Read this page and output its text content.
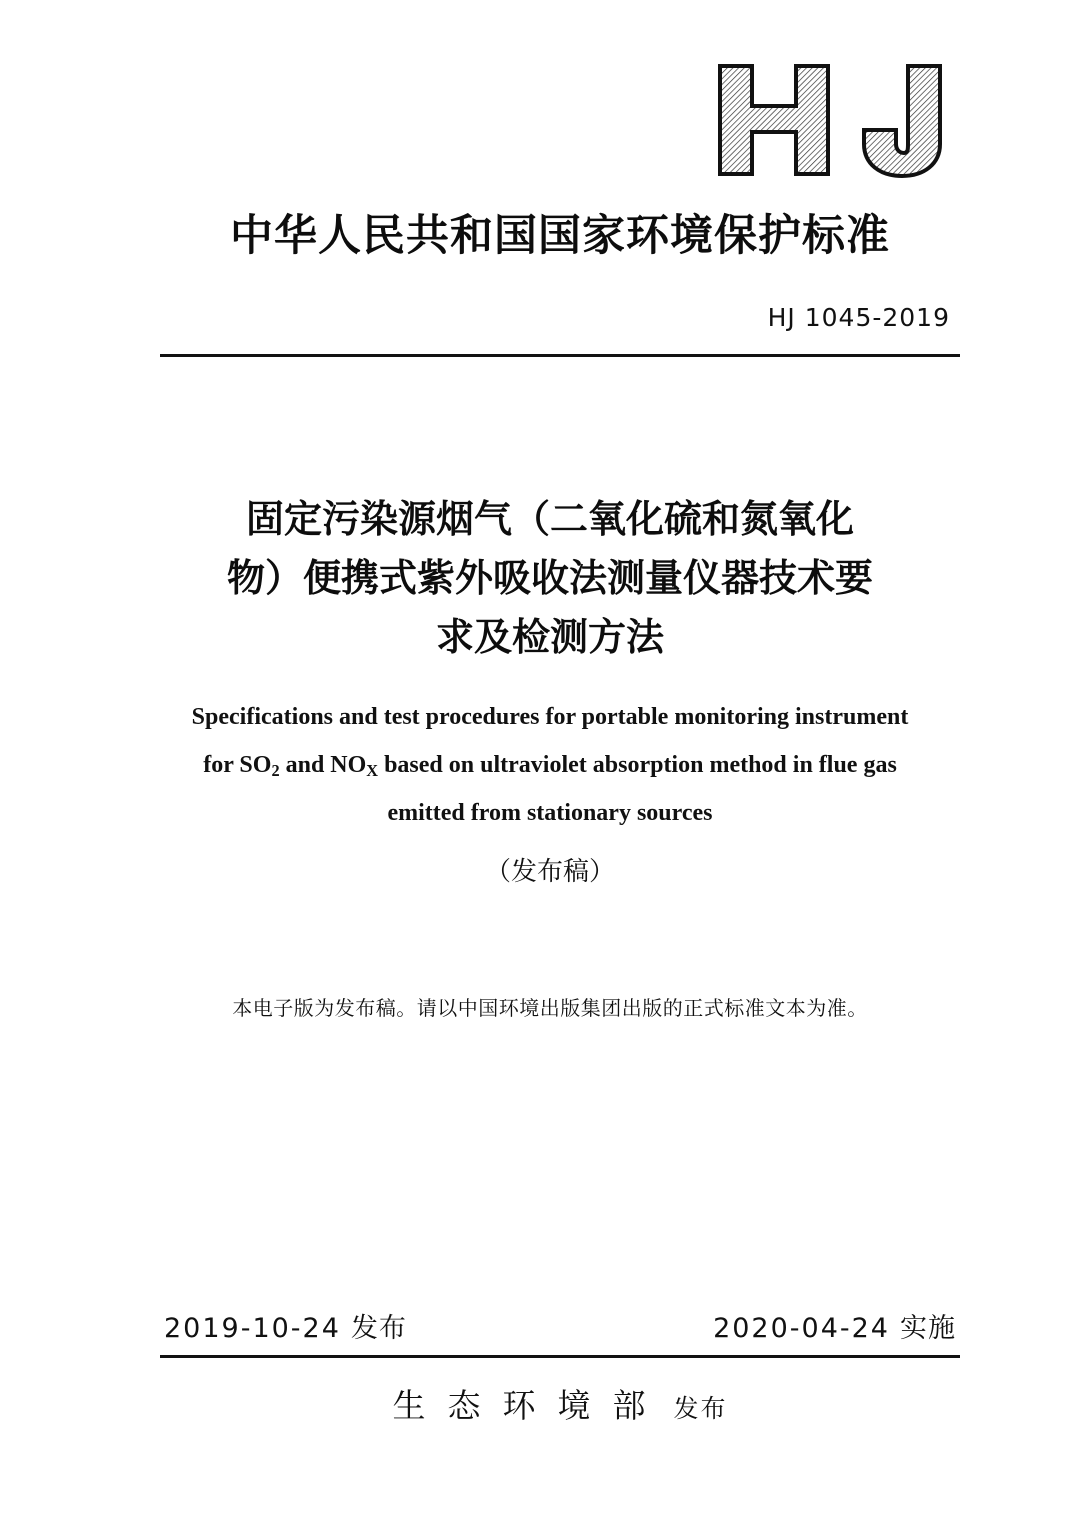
中华人民共和国国家环境保护标准
HJ 1045-2019
固定污染源烟气（二氧化硫和氮氧化
物）便携式紫外吸收法测量仪器技术要
求及检测方法
Specifications and test procedures for portable monitoring instrument
for $SO_2$ and $NO_X$ based on ultraviolet absorption method in flue gas
emitted from stationary sources
（发布稿）
本电子版为发布稿。请以中国环境出版集团出版的正式标准文本为准。
2019-10-24 发布	2020-04-24 实施
生态环境部 发布
